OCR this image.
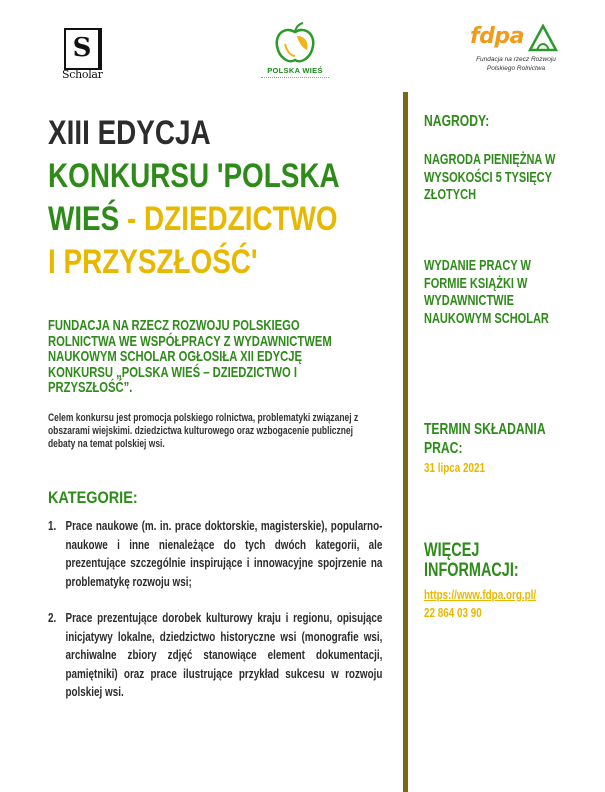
S
Scholar	POLSKA WIEŚ
fdpa
Fundacja na rzecz Rozwoju
Polskiego Rolnictwa
XIII EDYCJA
KONKURSU 'POLSKA
WIEŚ - DZIEDZICTWO
I PRZYSZŁOŚĆ'

FUNDACJA NA RZECZ ROZWOJU POLSKIEGO ROLNICTWA WE WSPÓŁPRACY Z WYDAWNICTWEM NAUKOWYM SCHOLAR OGŁOSIŁA XII EDYCJĘ KONKURSU „POLSKA WIEŚ – DZIEDZICTWO I PRZYSZŁOŚĆ”.

Celem konkursu jest promocja polskiego rolnictwa, problematyki związanej z obszarami wiejskimi. dziedzictwa kulturowego oraz wzbogacenie publicznej debaty na temat polskiej wsi.

KATEGORIE:
1. Prace naukowe (m. in. prace doktorskie, magisterskie), popularno-naukowe i inne nienależące do tych dwóch kategorii, ale prezentujące szczególnie inspirujące i innowacyjne spojrzenie na problematykę rozwoju wsi;
2. Prace prezentujące dorobek kulturowy kraju i regionu, opisujące inicjatywy lokalne, dziedzictwo historyczne wsi (monografie wsi, archiwalne zbiory zdjęć stanowiące element dokumentacji, pamiętniki) oraz prace ilustrujące przykład sukcesu w rozwoju polskiej wsi.
NAGRODY:

NAGRODA PIENIĘŻNA W WYSOKOŚCI 5 TYSIĘCY ZŁOTYCH

WYDANIE PRACY W FORMIE KSIĄŻKI W WYDAWNICTWIE NAUKOWYM SCHOLAR

TERMIN SKŁADANIA PRAC:

31 lipca 2021

WIĘCEJ INFORMACJI:
https://www.fdpa.org.pl/

22 864 03 90
